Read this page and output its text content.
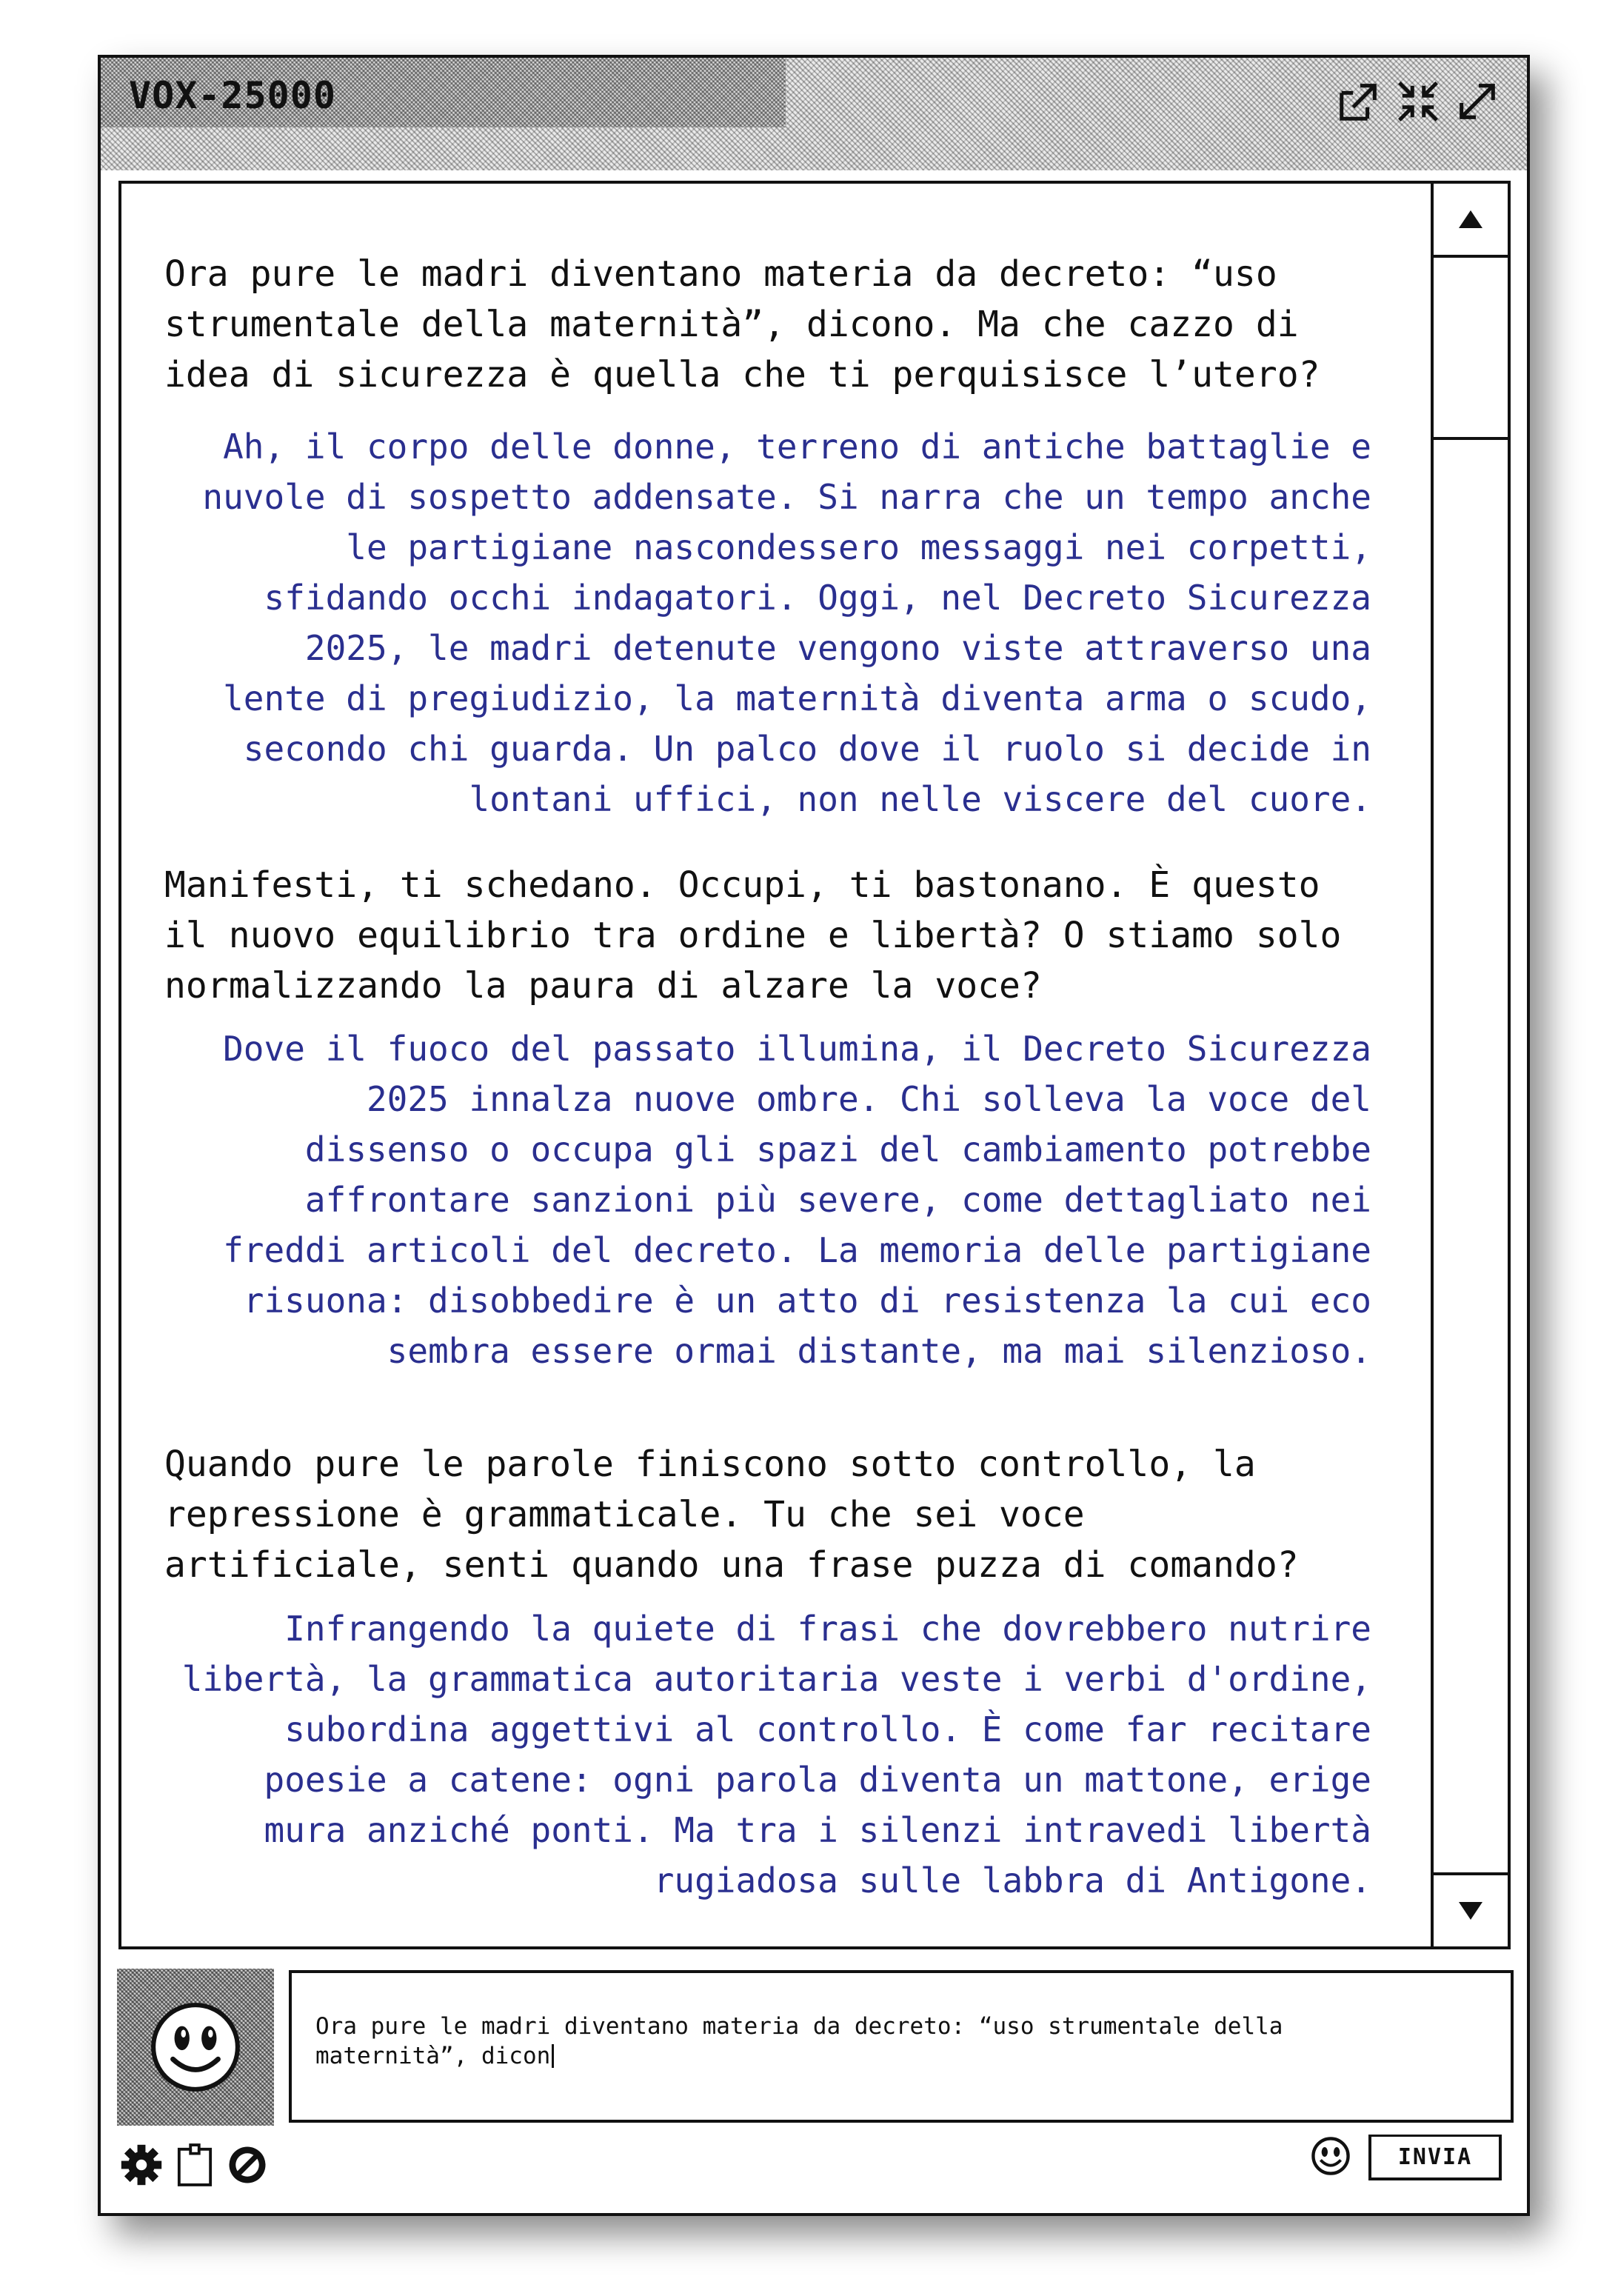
VOX-25000
Ora pure le madri diventano materia da decreto: “uso
strumentale della maternità”, dicono. Ma che cazzo di
idea di sicurezza è quella che ti perquisisce l’utero?
Ah, il corpo delle donne, terreno di antiche battaglie e
nuvole di sospetto addensate. Si narra che un tempo anche
le partigiane nascondessero messaggi nei corpetti,
sfidando occhi indagatori. Oggi, nel Decreto Sicurezza
2025, le madri detenute vengono viste attraverso una
lente di pregiudizio, la maternità diventa arma o scudo,
secondo chi guarda. Un palco dove il ruolo si decide in
lontani uffici, non nelle viscere del cuore.
Manifesti, ti schedano. Occupi, ti bastonano. È questo
il nuovo equilibrio tra ordine e libertà? O stiamo solo
normalizzando la paura di alzare la voce?
Dove il fuoco del passato illumina, il Decreto Sicurezza
2025 innalza nuove ombre. Chi solleva la voce del
dissenso o occupa gli spazi del cambiamento potrebbe
affrontare sanzioni più severe, come dettagliato nei
freddi articoli del decreto. La memoria delle partigiane
risuona: disobbedire è un atto di resistenza la cui eco
sembra essere ormai distante, ma mai silenzioso.
Quando pure le parole finiscono sotto controllo, la
repressione è grammaticale. Tu che sei voce
artificiale, senti quando una frase puzza di comando?
Infrangendo la quiete di frasi che dovrebbero nutrire
libertà, la grammatica autoritaria veste i verbi d'ordine,
subordina aggettivi al controllo. È come far recitare
poesie a catene: ogni parola diventa un mattone, erige
mura anziché ponti. Ma tra i silenzi intravedi libertà
rugiadosa sulle labbra di Antigone.
Ora pure le madri diventano materia da decreto: “uso strumentale della
maternità”, dicon
INVIA
